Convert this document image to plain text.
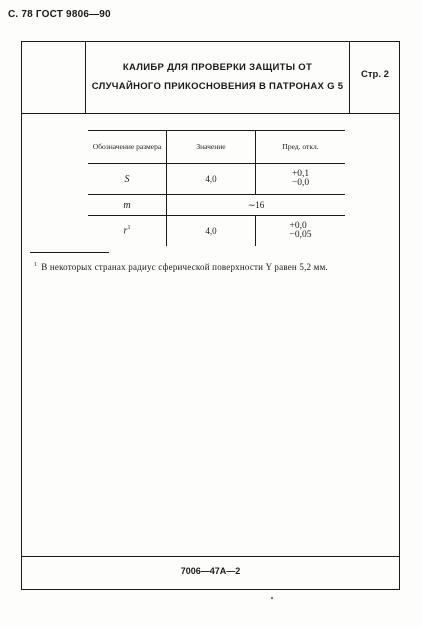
С. 78 ГОСТ 9806—90
КАЛИБР ДЛЯ ПРОВЕРКИ ЗАЩИТЫ ОТ
СЛУЧАЙНОГО ПРИКОСНОВЕНИЯ В ПАТРОНАХ G 5
Стр. 2
Обозначение размера	Значение	Пред. откл.
S	4,0	+0,1
−0,0
m	∼16	
$r^1$	4,0	+0,0
−0,05
$^1$ В некоторых странах радиус сферической поверхности Y равен 5,2 мм.
7006—47А—2
